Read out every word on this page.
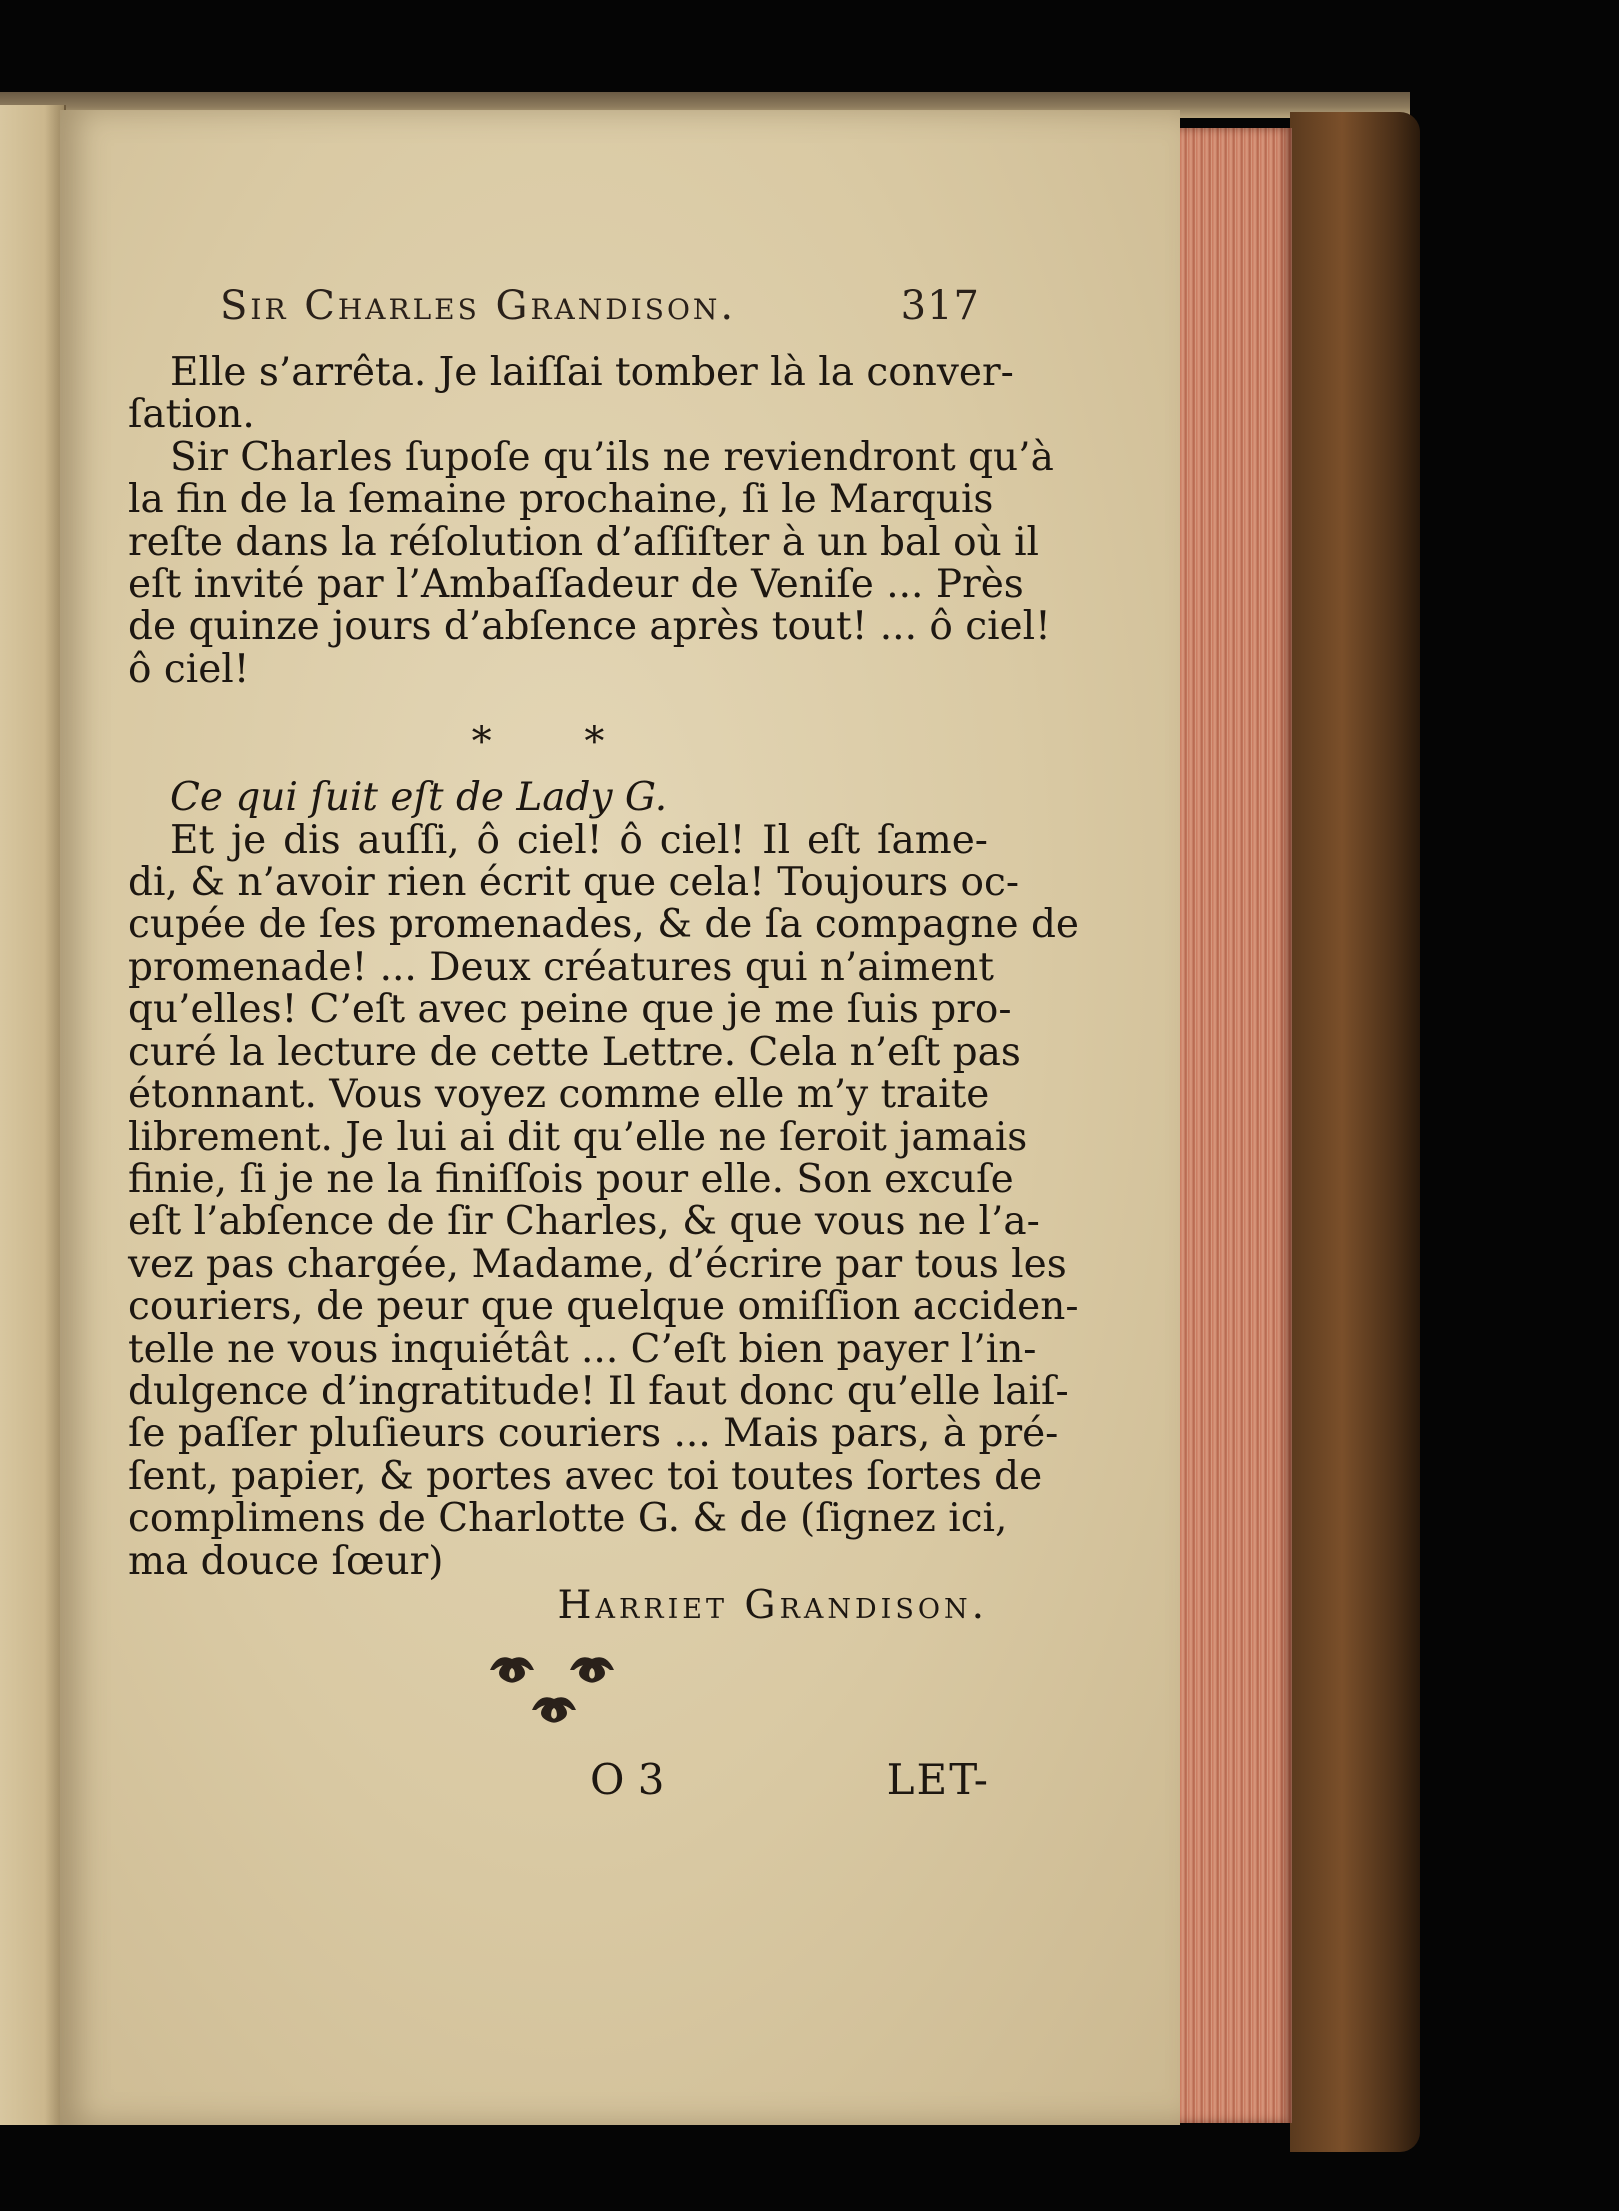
Sir Charles Grandison.	317
Elle s’arrêta. Je laiſſai tomber là la conver-
ſation.
Sir Charles ſupoſe qu’ils ne reviendront qu’à
la fin de la ſemaine prochaine, ſi le Marquis
reſte dans la réſolution d’aſſiſter à un bal où il
eſt invité par l’Ambaſſadeur de Veniſe ... Près
de quinze jours d’abſence après tout! ... ô ciel!
ô ciel!
* *
Ce qui ſuit eſt de Lady G.
Et je dis auſſi, ô ciel! ô ciel! Il eſt ſame-
di, & n’avoir rien écrit que cela! Toujours oc-
cupée de ſes promenades, & de ſa compagne de
promenade! ... Deux créatures qui n’aiment
qu’elles! C’eſt avec peine que je me ſuis pro-
curé la lecture de cette Lettre. Cela n’eſt pas
étonnant. Vous voyez comme elle m’y traite
librement. Je lui ai dit qu’elle ne ſeroit jamais
finie, ſi je ne la finiſſois pour elle. Son excuſe
eſt l’abſence de ſir Charles, & que vous ne l’a-
vez pas chargée, Madame, d’écrire par tous les
couriers, de peur que quelque omiſſion acciden-
telle ne vous inquiétât ... C’eſt bien payer l’in-
dulgence d’ingratitude! Il faut donc qu’elle laiſ-
ſe paſſer pluſieurs couriers ... Mais pars, à pré-
ſent, papier, & portes avec toi toutes ſortes de
complimens de Charlotte G. & de (ſignez ici,
ma douce ſœur)
Harriet Grandison.
O 3	LET-
